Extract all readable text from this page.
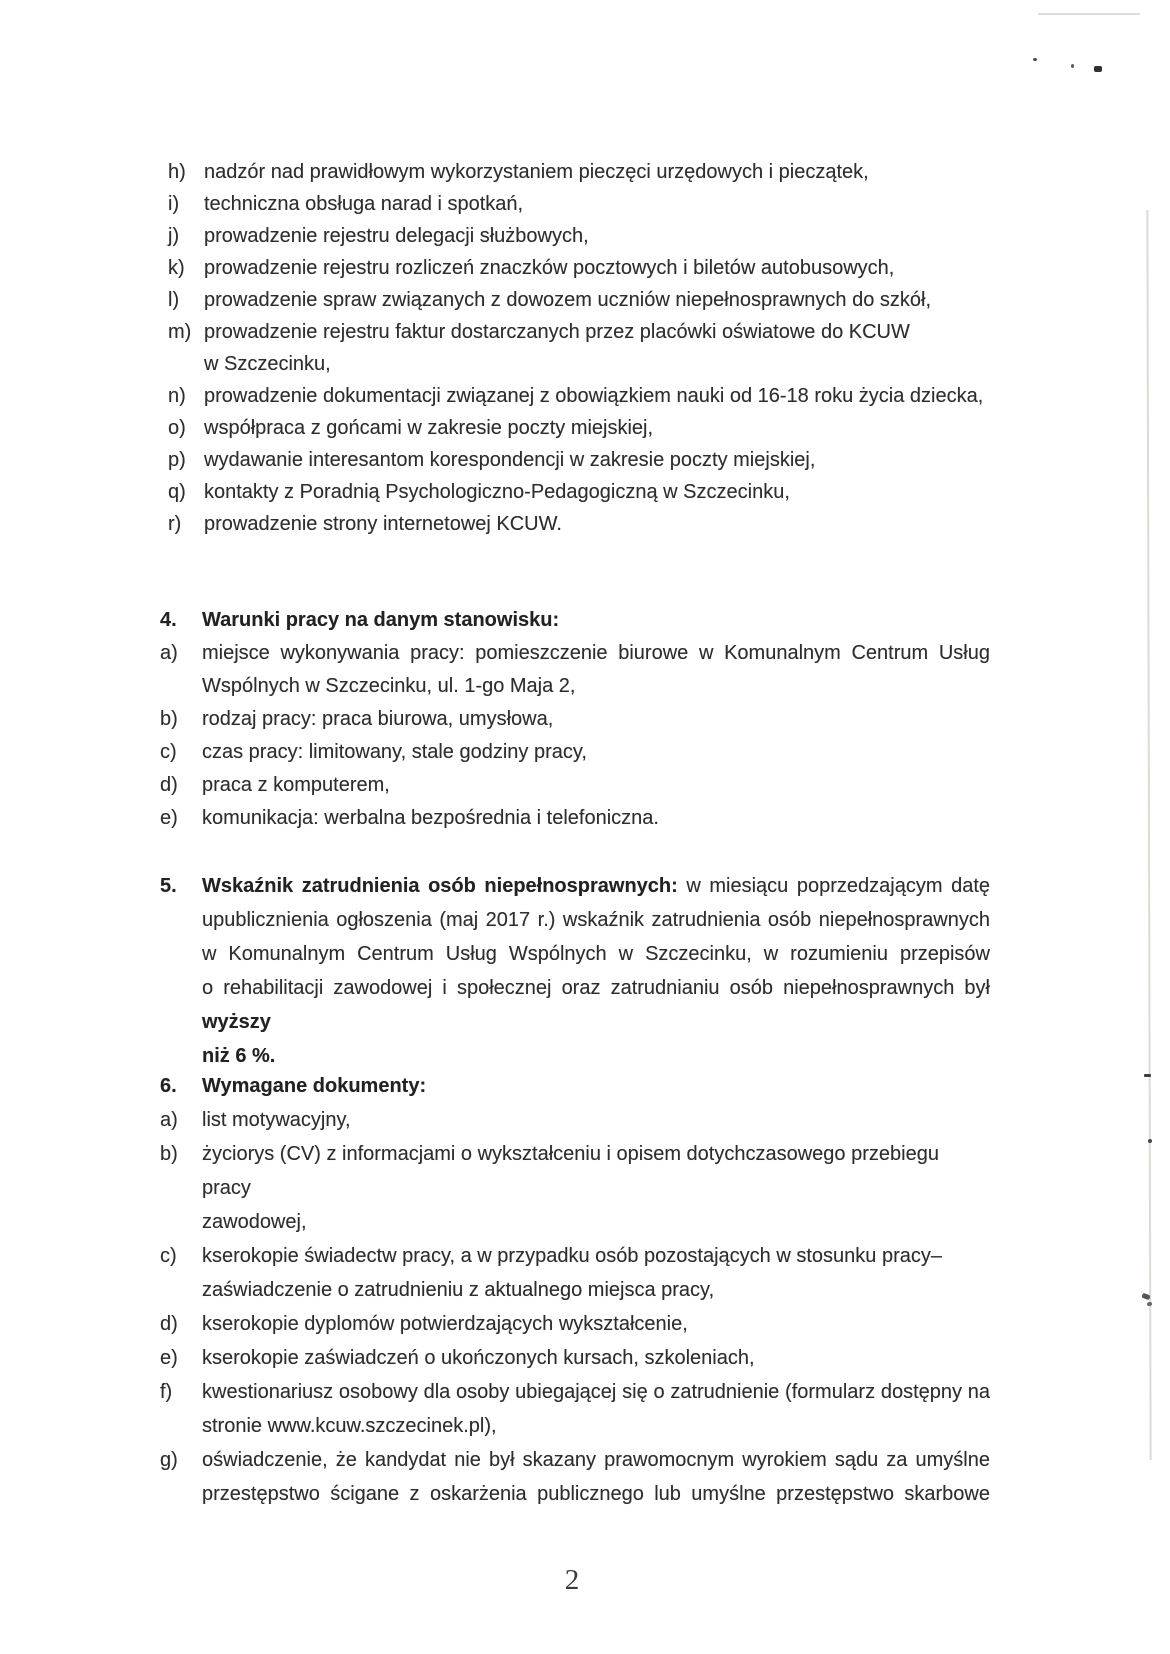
h) nadzór nad prawidłowym wykorzystaniem pieczęci urzędowych i pieczątek,
i)	techniczna obsługa narad i spotkań,
j)	prowadzenie rejestru delegacji służbowych,
k) prowadzenie rejestru rozliczeń znaczków pocztowych i biletów autobusowych,
l)	prowadzenie spraw związanych z dowozem uczniów niepełnosprawnych do szkół,
m) prowadzenie rejestru faktur dostarczanych przez placówki oświatowe do KCUW
w Szczecinku,
n) prowadzenie dokumentacji związanej z obowiązkiem nauki od 16-18 roku życia dziecka,
o) współpraca z gońcami w zakresie poczty miejskiej,
p) wydawanie interesantom korespondencji w zakresie poczty miejskiej,
q) kontakty z Poradnią Psychologiczno-Pedagogiczną w Szczecinku,
r)	prowadzenie strony internetowej KCUW.
4.	Warunki pracy na danym stanowisku:
a)	miejsce wykonywania pracy: pomieszczenie biurowe w Komunalnym Centrum Usług
Wspólnych w Szczecinku, ul. 1-go Maja 2,
b)	rodzaj pracy: praca biurowa, umysłowa,
c)	czas pracy: limitowany, stale godziny pracy,
d)	praca z komputerem,
e)	komunikacja: werbalna bezpośrednia i telefoniczna.
5.	Wskaźnik zatrudnienia osób niepełnosprawnych: w miesiącu poprzedzającym datę
upublicznienia ogłoszenia (maj 2017 r.) wskaźnik zatrudnienia osób niepełnosprawnych
w Komunalnym Centrum Usług Wspólnych w Szczecinku, w rozumieniu przepisów
o rehabilitacji zawodowej i społecznej oraz zatrudnianiu osób niepełnosprawnych był wyższy
niż 6 %.
6.	Wymagane dokumenty:
a)	list motywacyjny,
b)	życiorys (CV) z informacjami o wykształceniu i opisem dotychczasowego przebiegu pracy
zawodowej,
c)	kserokopie świadectw pracy, a w przypadku osób pozostających w stosunku pracy–
zaświadczenie o zatrudnieniu z aktualnego miejsca pracy,
d)	kserokopie dyplomów potwierdzających wykształcenie,
e)	kserokopie zaświadczeń o ukończonych kursach, szkoleniach,
f)	kwestionariusz osobowy dla osoby ubiegającej się o zatrudnienie (formularz dostępny na
stronie www.kcuw.szczecinek.pl),
g)	oświadczenie, że kandydat nie był skazany prawomocnym wyrokiem sądu za umyślne
przestępstwo ścigane z oskarżenia publicznego lub umyślne przestępstwo skarbowe
2
